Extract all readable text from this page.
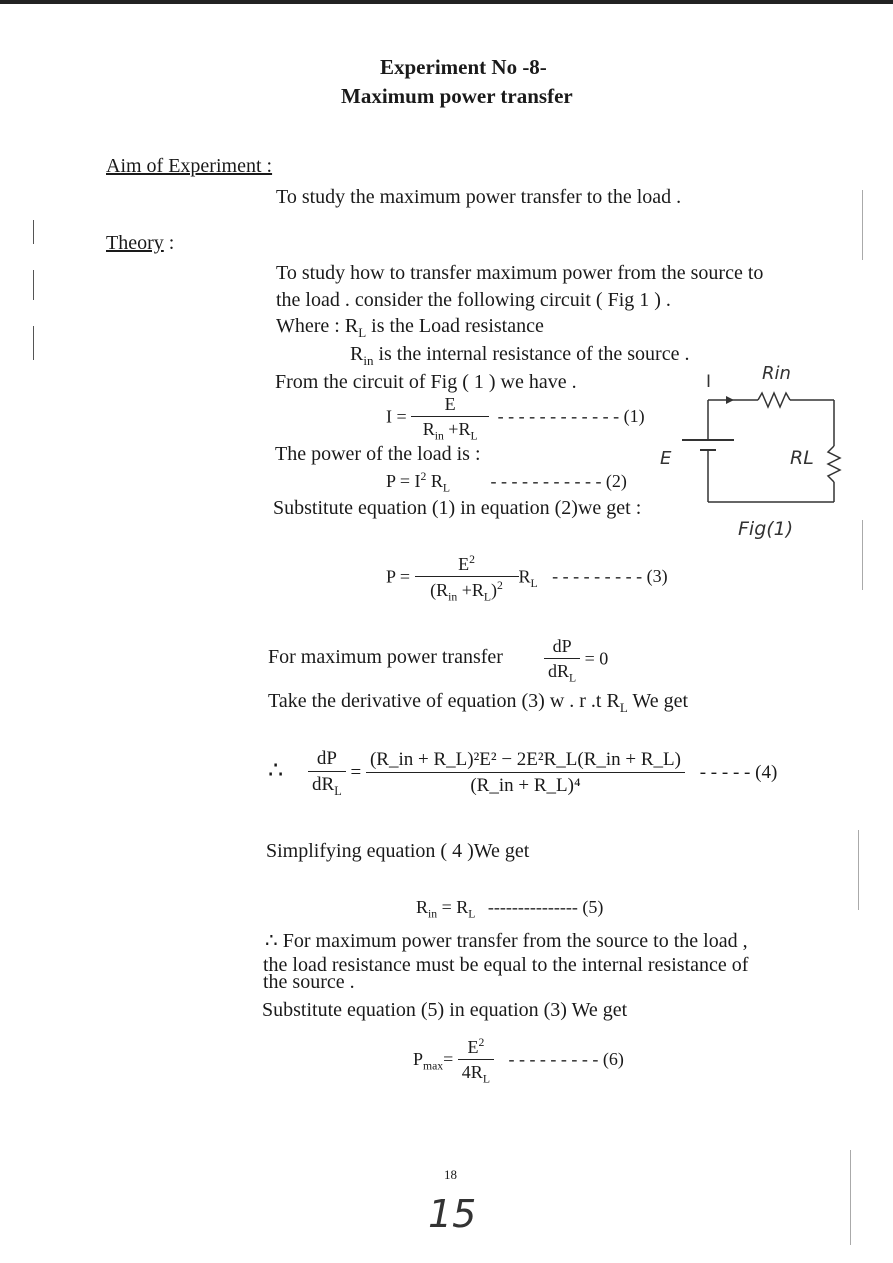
Experiment No -8-
Maximum power transfer
Aim of Experiment :
To study the maximum power transfer to the load .
Theory :
To study how to transfer maximum power from the source to
the load . consider the following circuit ( Fig 1 ) .
Where : $R_L$ is the Load resistance
$R_{in}$ is the internal resistance of the source .
From the circuit of Fig ( 1 ) we have .
$I = \frac{E}{R_{in} +R_L}$ - - - - - - - - - - - - (1)
The power of the load is :
$P = I^2$ $R_L$ - - - - - - - - - - - (2)
Substitute equation (1) in equation (2)we get :
$P = \frac{E^2}{(R_{in} +R_L)^2} R_L$ - - - - - - - - - (3)
For maximum power transfer $\frac{dP}{dR_L} = 0$
Take the derivative of equation (3) w . r .t $R_L$ We get
∴ $\frac{dP}{dR_L} = \frac{\text{(R\_in + R\_L)²E² − 2E²R\_L(R\_in + R\_L)}}{\text{(R\_in + R\_L)⁴}}$ - - - - - (4)
Simplifying equation ( 4 )We get
$R_{in} = R_L$ --------------- (5)
∴ For maximum power transfer from the source to the load ,
the load resistance must be equal to the internal resistance of
the source .
Substitute equation (5) in equation (3) We get
$P_{max}= \frac{E^2}{4R_L}$ - - - - - - - - - (6)
I	Rin
E	RL
Fig(1)
18
15
